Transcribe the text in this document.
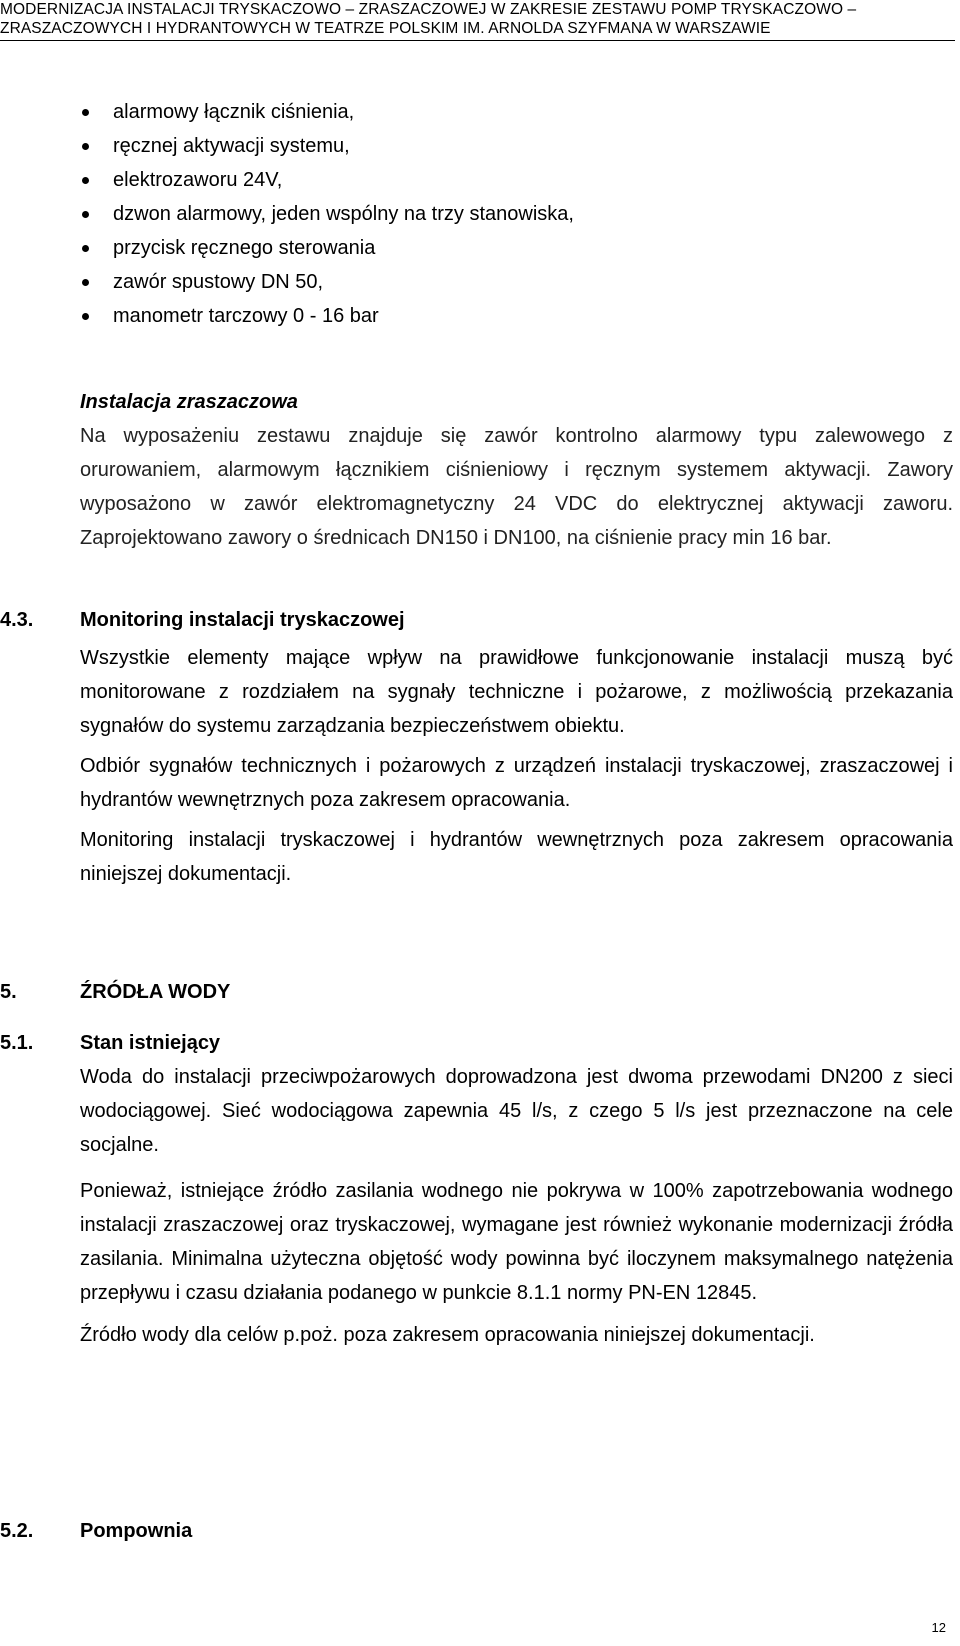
MODERNIZACJA INSTALACJI TRYSKACZOWO – ZRASZACZOWEJ W ZAKRESIE ZESTAWU POMP TRYSKACZOWO –
ZRASZACZOWYCH I HYDRANTOWYCH W TEATRZE POLSKIM IM. ARNOLDA SZYFMANA W WARSZAWIE
alarmowy łącznik ciśnienia,
ręcznej aktywacji systemu,
elektrozaworu 24V,
dzwon alarmowy, jeden wspólny na trzy stanowiska,
przycisk ręcznego sterowania
zawór spustowy DN 50,
manometr tarczowy 0 - 16 bar
Instalacja zraszaczowa

Na wyposażeniu zestawu znajduje się zawór kontrolno alarmowy typu zalewowego z orurowaniem, alarmowym łącznikiem ciśnieniowy i ręcznym systemem aktywacji. Zawory wyposażono w zawór elektromagnetyczny 24 VDC do elektrycznej aktywacji zaworu. Zaprojektowano zawory o średnicach DN150 i DN100, na ciśnienie pracy min 16 bar.

4.3.	Monitoring instalacji tryskaczowej

Wszystkie elementy mające wpływ na prawidłowe funkcjonowanie instalacji muszą być monitorowane z rozdziałem na sygnały techniczne i pożarowe, z możliwością przekazania sygnałów do systemu zarządzania bezpieczeństwem obiektu.

Odbiór sygnałów technicznych i pożarowych z urządzeń instalacji tryskaczowej, zraszaczowej i hydrantów wewnętrznych poza zakresem opracowania.

Monitoring instalacji tryskaczowej i hydrantów wewnętrznych poza zakresem opracowania niniejszej dokumentacji.

5.	ŹRÓDŁA WODY
5.1.	Stan istniejący

Woda do instalacji przeciwpożarowych doprowadzona jest dwoma przewodami DN200 z sieci wodociągowej. Sieć wodociągowa zapewnia 45 l/s, z czego 5 l/s jest przeznaczone na cele socjalne.

Ponieważ, istniejące źródło zasilania wodnego nie pokrywa w 100% zapotrzebowania wodnego instalacji zraszaczowej oraz tryskaczowej, wymagane jest również wykonanie modernizacji źródła zasilania. Minimalna użyteczna objętość wody powinna być iloczynem maksymalnego natężenia przepływu i czasu działania podanego w punkcie 8.1.1 normy PN-EN 12845.

Źródło wody dla celów p.poż. poza zakresem opracowania niniejszej dokumentacji.

5.2.	Pompownia
12
